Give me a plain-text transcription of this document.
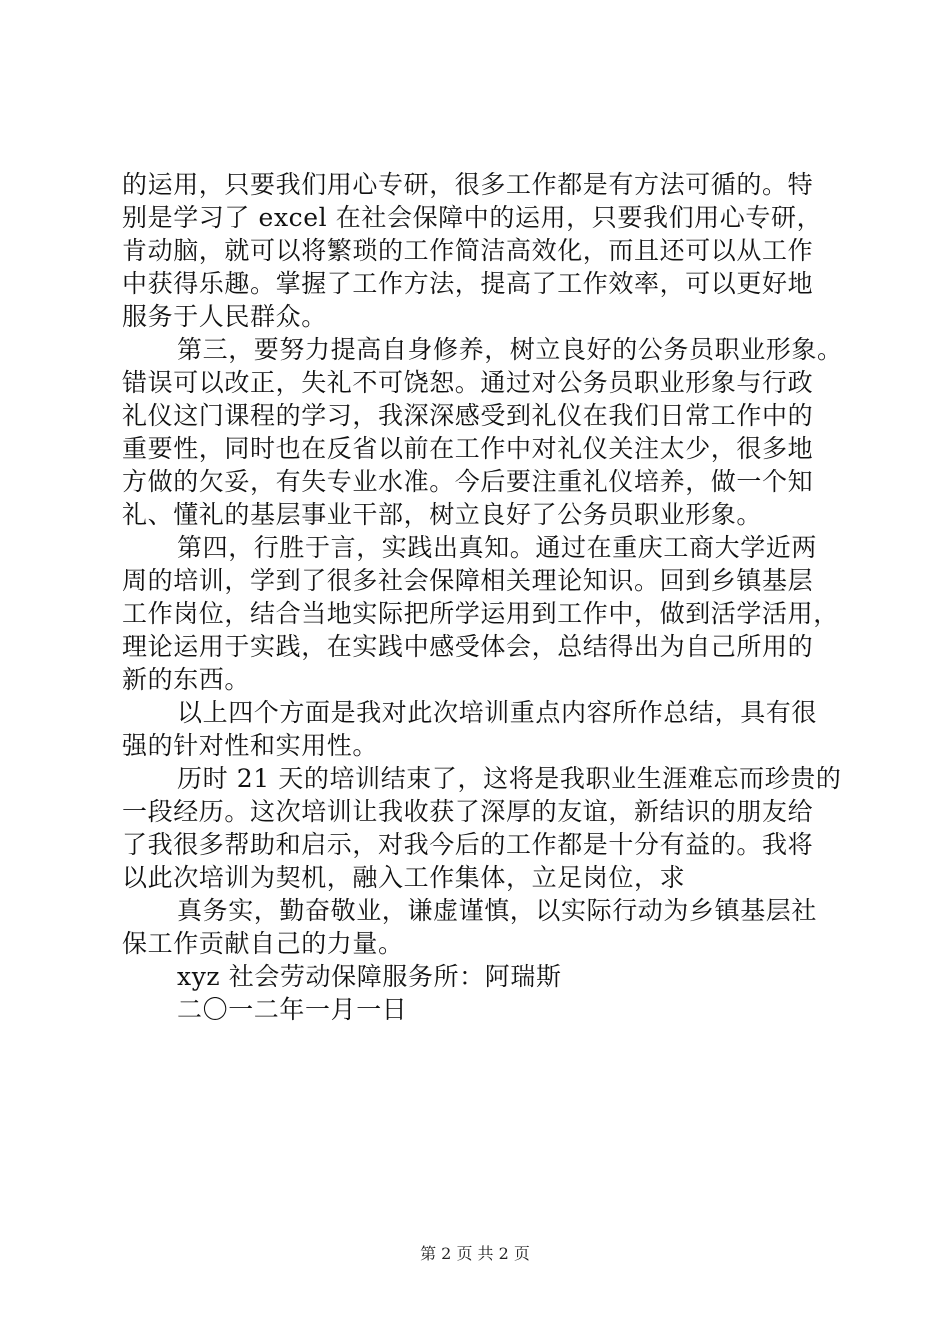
的运用，只要我们用心专研，很多工作都是有方法可循的。特
别是学习了 excel 在社会保障中的运用，只要我们用心专研，
肯动脑，就可以将繁琐的工作简洁高效化，而且还可以从工作
中获得乐趣。掌握了工作方法，提高了工作效率，可以更好地
服务于人民群众。
第三，要努力提高自身修养，树立良好的公务员职业形象。
错误可以改正，失礼不可饶恕。通过对公务员职业形象与行政
礼仪这门课程的学习，我深深感受到礼仪在我们日常工作中的
重要性，同时也在反省以前在工作中对礼仪关注太少，很多地
方做的欠妥，有失专业水准。今后要注重礼仪培养，做一个知
礼、懂礼的基层事业干部，树立良好了公务员职业形象。
第四，行胜于言，实践出真知。通过在重庆工商大学近两
周的培训，学到了很多社会保障相关理论知识。回到乡镇基层
工作岗位，结合当地实际把所学运用到工作中，做到活学活用，
理论运用于实践，在实践中感受体会，总结得出为自己所用的
新的东西。
以上四个方面是我对此次培训重点内容所作总结，具有很
强的针对性和实用性。
历时 21 天的培训结束了，这将是我职业生涯难忘而珍贵的
一段经历。这次培训让我收获了深厚的友谊，新结识的朋友给
了我很多帮助和启示，对我今后的工作都是十分有益的。我将
以此次培训为契机，融入工作集体，立足岗位，求
真务实，勤奋敬业，谦虚谨慎，以实际行动为乡镇基层社
保工作贡献自己的力量。
xyz 社会劳动保障服务所：阿瑞斯
二〇一二年一月一日
第 2 页 共 2 页
